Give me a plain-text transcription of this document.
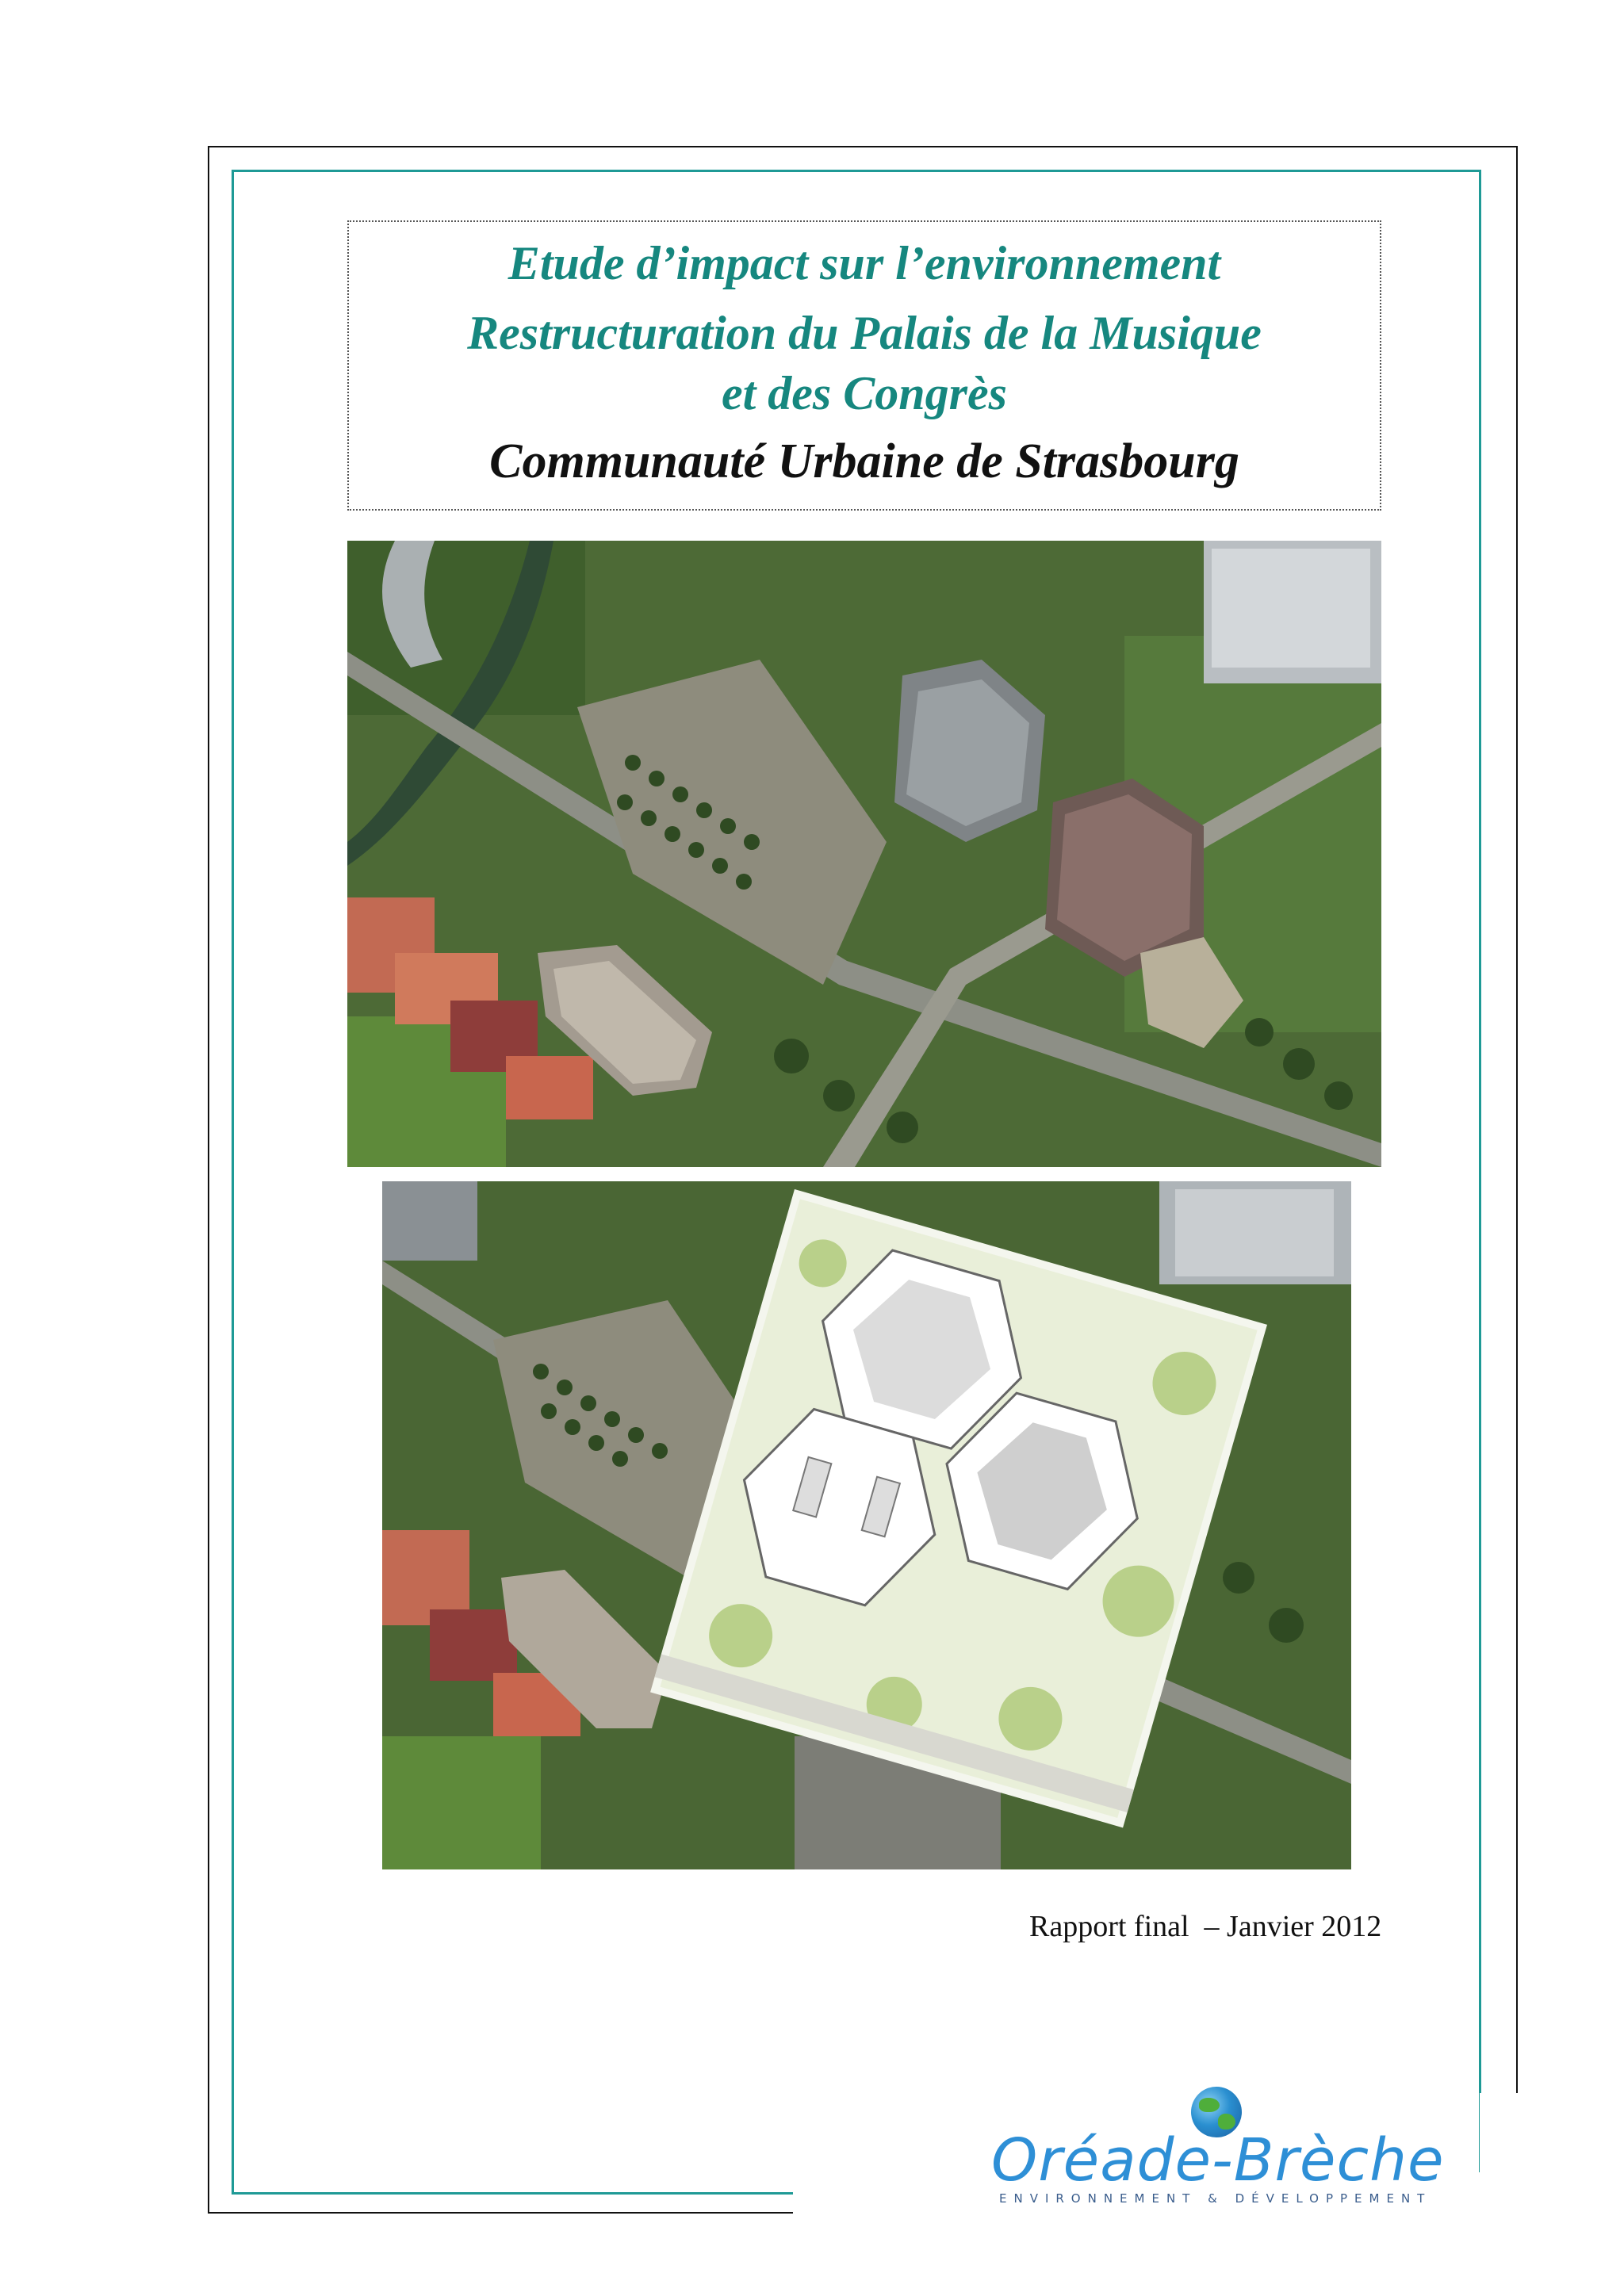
Etude d’impact sur l’environnement

Restructuration du Palais de la Musique

et des Congrès

Communauté Urbaine de Strasbourg

Rapport final  – Janvier 2012
Oréade-Brèche
ENVIRONNEMENT & DÉVELOPPEMENT
